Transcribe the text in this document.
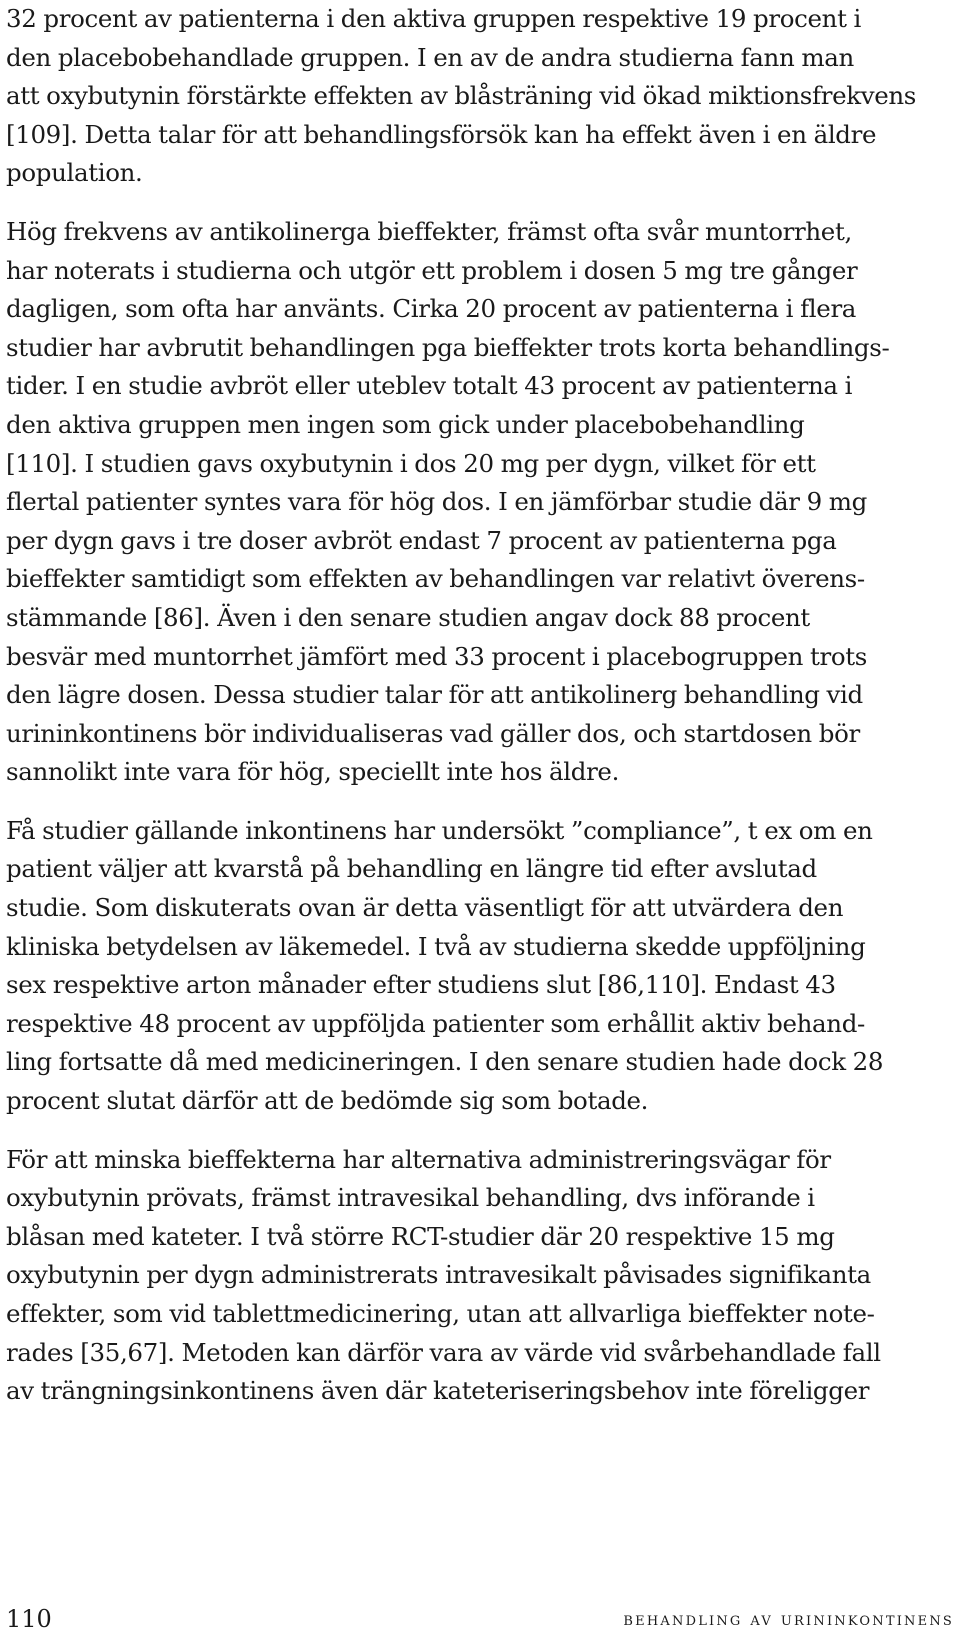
32 procent av patienterna i den aktiva gruppen respektive 19 procent i
den placebobehandlade gruppen. I en av de andra studierna fann man
att oxybutynin förstärkte effekten av blåsträning vid ökad miktionsfrekvens
[109]. Detta talar för att behandlingsförsök kan ha effekt även i en äldre
population.
Hög frekvens av antikolinerga bieffekter, främst ofta svår muntorrhet,
har noterats i studierna och utgör ett problem i dosen 5 mg tre gånger
dagligen, som ofta har använts. Cirka 20 procent av patienterna i flera
studier har avbrutit behandlingen pga bieffekter trots korta behandlings-
tider. I en studie avbröt eller uteblev totalt 43 procent av patienterna i
den aktiva gruppen men ingen som gick under placebobehandling
[110]. I studien gavs oxybutynin i dos 20 mg per dygn, vilket för ett
flertal patienter syntes vara för hög dos. I en jämförbar studie där 9 mg
per dygn gavs i tre doser avbröt endast 7 procent av patienterna pga
bieffekter samtidigt som effekten av behandlingen var relativt överens-
stämmande [86]. Även i den senare studien angav dock 88 procent
besvär med muntorrhet jämfört med 33 procent i placebogruppen trots
den lägre dosen. Dessa studier talar för att antikolinerg behandling vid
urininkontinens bör individualiseras vad gäller dos, och startdosen bör
sannolikt inte vara för hög, speciellt inte hos äldre.
Få studier gällande inkontinens har undersökt ”compliance”, t ex om en
patient väljer att kvarstå på behandling en längre tid efter avslutad
studie. Som diskuterats ovan är detta väsentligt för att utvärdera den
kliniska betydelsen av läkemedel. I två av studierna skedde uppföljning
sex respektive arton månader efter studiens slut [86,110]. Endast 43
respektive 48 procent av uppföljda patienter som erhållit aktiv behand-
ling fortsatte då med medicineringen. I den senare studien hade dock 28
procent slutat därför att de bedömde sig som botade.
För att minska bieffekterna har alternativa administreringsvägar för
oxybutynin prövats, främst intravesikal behandling, dvs införande i
blåsan med kateter. I två större RCT-studier där 20 respektive 15 mg
oxybutynin per dygn administrerats intravesikalt påvisades signifikanta
effekter, som vid tablettmedicinering, utan att allvarliga bieffekter note-
rades [35,67]. Metoden kan därför vara av värde vid svårbehandlade fall
av trängningsinkontinens även där kateteriseringsbehov inte föreligger
110	behandling av urininkontinens
